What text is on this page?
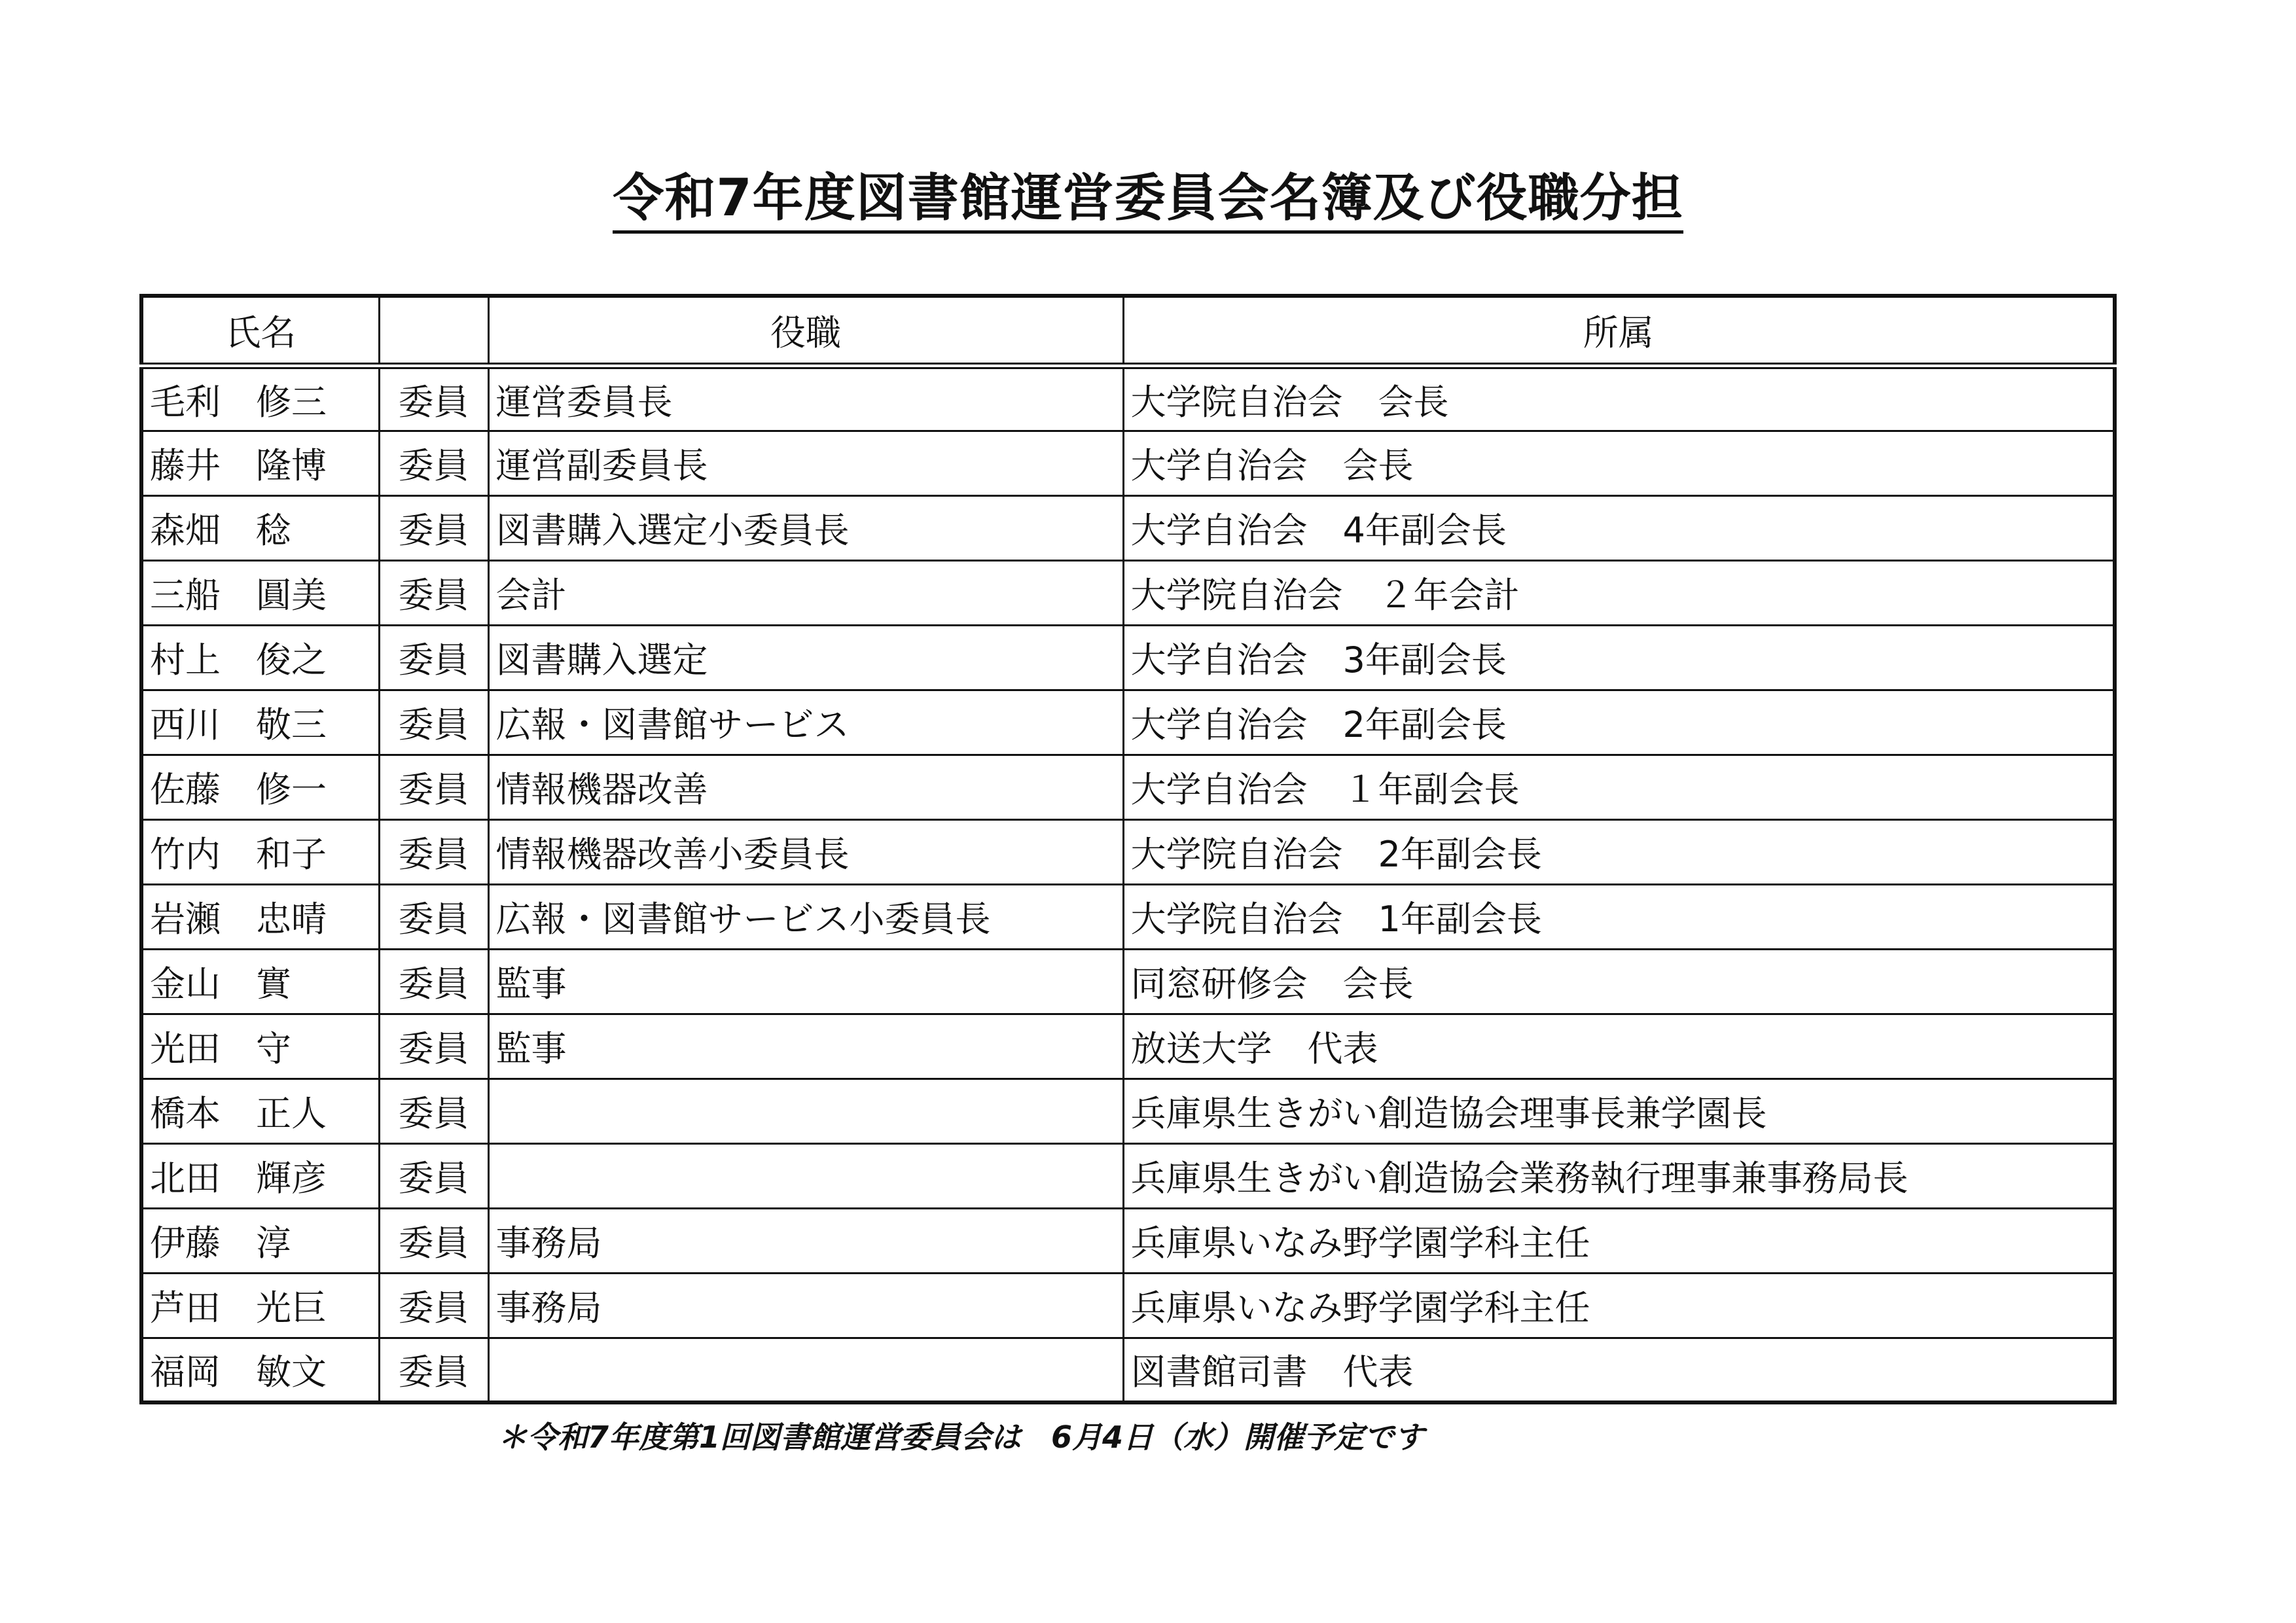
令和7年度図書館運営委員会名簿及び役職分担
氏名		役職	所属
毛利　修三	委員	運営委員長	大学院自治会　会長
藤井　隆博	委員	運営副委員長	大学自治会　会長
森畑　稔	委員	図書購入選定小委員長	大学自治会　4年副会長
三船　圓美	委員	会計	大学院自治会　２年会計
村上　俊之	委員	図書購入選定	大学自治会　3年副会長
西川　敬三	委員	広報・図書館サービス	大学自治会　2年副会長
佐藤　修一	委員	情報機器改善	大学自治会　１年副会長
竹内　和子	委員	情報機器改善小委員長	大学院自治会　2年副会長
岩瀬　忠晴	委員	広報・図書館サービス小委員長	大学院自治会　1年副会長
金山　實	委員	監事	同窓研修会　会長
光田　守	委員	監事	放送大学　代表
橋本　正人	委員		兵庫県生きがい創造協会理事長兼学園長
北田　輝彦	委員		兵庫県生きがい創造協会業務執行理事兼事務局長
伊藤　淳	委員	事務局	兵庫県いなみ野学園学科主任
芦田　光巨	委員	事務局	兵庫県いなみ野学園学科主任
福岡　敏文	委員		図書館司書　代表
＊令和7年度第1回図書館運営委員会は　6月4日（水）開催予定です
